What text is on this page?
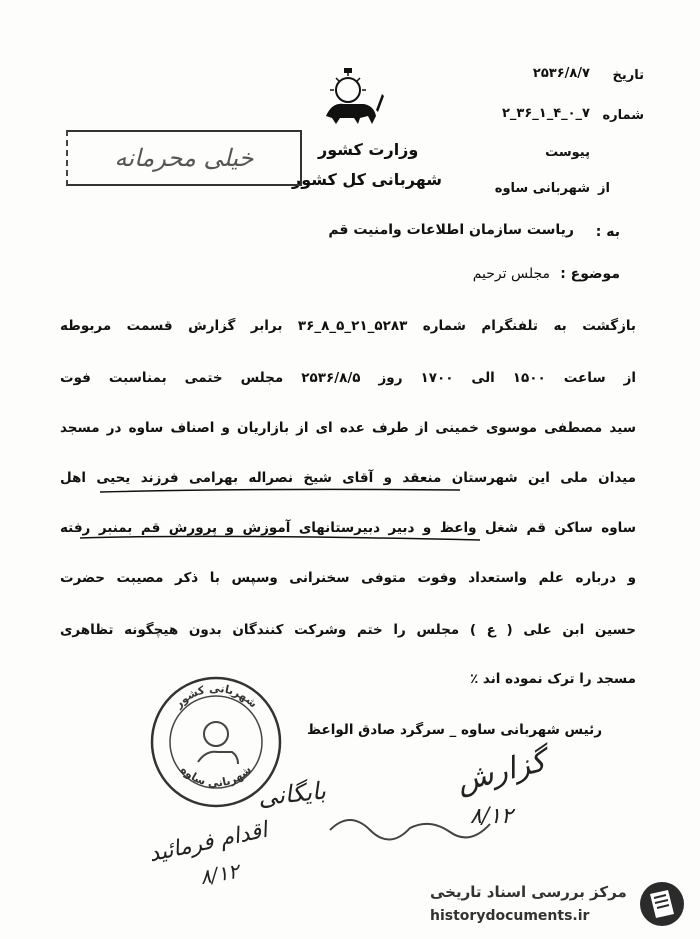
تاریخ
۲۵۳۶/۸/۷
شماره
۲_۳۶_۱_۴_۰_۷
پیوست
از
شهربانی ساوه
وزارت کشور
شهربانی کل کشور
خیلی محرمانه
به :
ریاست سازمان اطلاعات وامنیت قم
موضوع :
مجلس ترحیم
بازگشت به تلفنگرام شماره ۵۲۸۳_۲۱_۵_۸_۳۶ برابر گزارش قسمت مربوطه
از ساعت ۱۵۰۰ الی ۱۷۰۰ روز ۲۵۳۶/۸/۵ مجلس ختمی بمناسبت فوت
سید مصطفی موسوی خمینی از طرف عده ای از بازاریان و اصناف ساوه در مسجد
میدان ملی این شهرستان منعقد و آقای شیخ نصراله بهرامی فرزند یحیی اهل
ساوه ساکن قم شغل واعظ و دبیر دبیرستانهای آموزش و پرورش قم بمنبر رفته
و درباره علم واستعداد وفوت متوفی سخنرانی وسپس با ذکر مصیبت حضرت
حسین ابن علی ( ع ) مجلس را ختم وشرکت کنندگان بدون هیچگونه تظاهری
مسجد را ترک نموده اند ٪
رئیس شهربانی ساوه _ سرگرد صادق الواعظ
شهربانی کشور
شهربانی ساوه	گزارش
۸/۱۲
بایگانی
اقدام فرمائید
۸/۱۲
مرکز بررسی اسناد تاریخی
historydocuments.ir
